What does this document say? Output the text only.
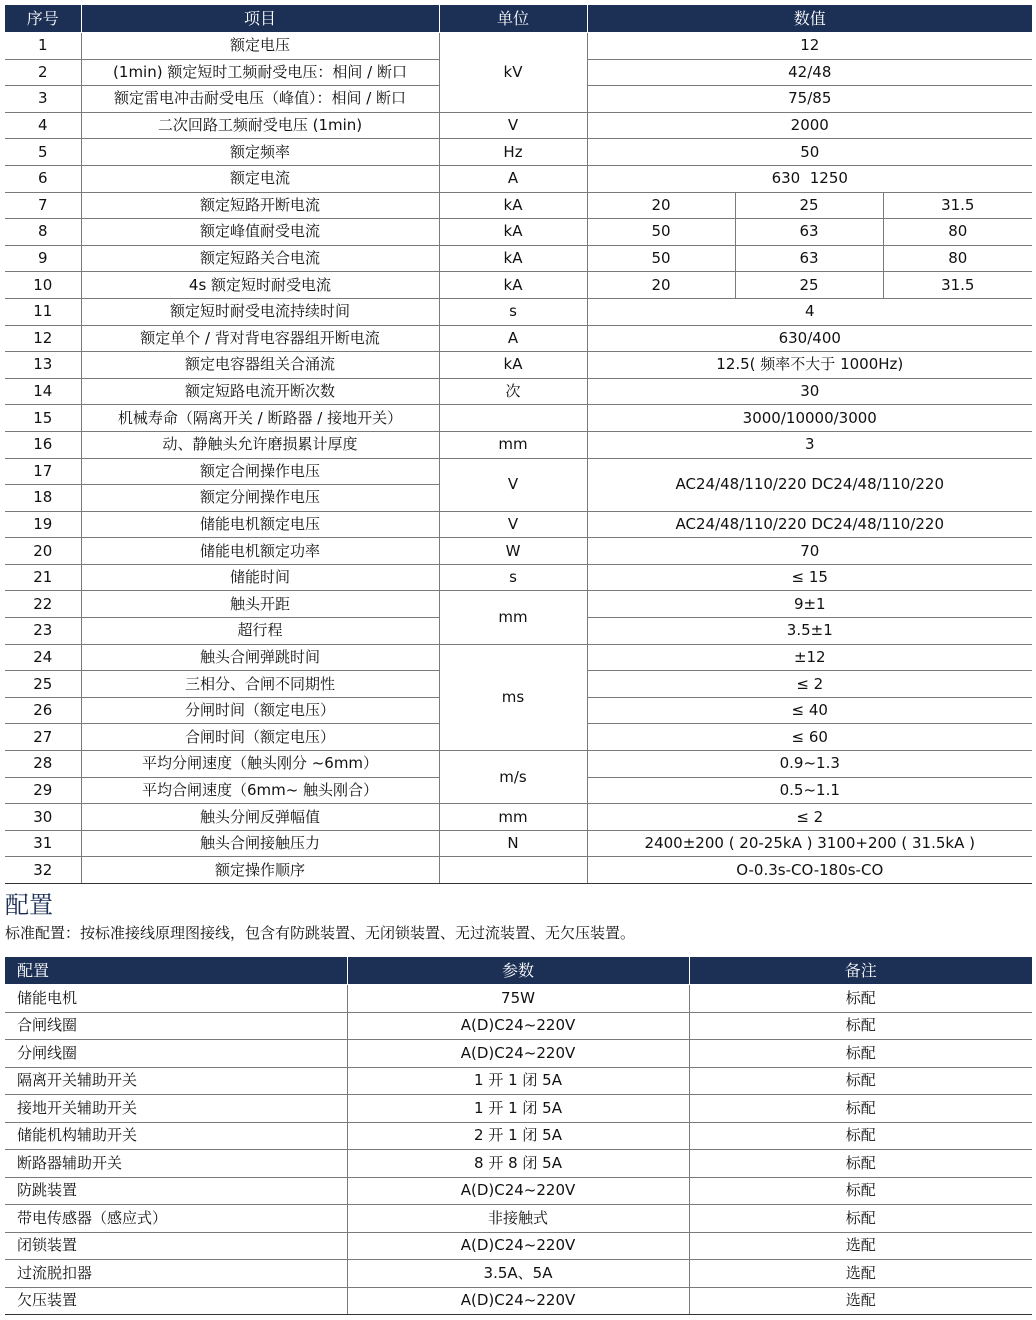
序号	项目	单位	数值		
1	额定电压	kV	12		
2	(1min) 额定短时工频耐受电压：相间 / 断口		42/48		
3	额定雷电冲击耐受电压（峰值）：相间 / 断口		75/85		
4	二次回路工频耐受电压 (1min)	V	2000		
5	额定频率	Hz	50		
6	额定电流	A	630  1250		
7	额定短路开断电流	kA	20	25	31.5
8	额定峰值耐受电流	kA	50	63	80
9	额定短路关合电流	kA	50	63	80
10	4s 额定短时耐受电流	kA	20	25	31.5
11	额定短时耐受电流持续时间	s	4		
12	额定单个 / 背对背电容器组开断电流	A	630/400		
13	额定电容器组关合涌流	kA	12.5( 频率不大于 1000Hz)		
14	额定短路电流开断次数	次	30		
15	机械寿命（隔离开关 / 断路器 / 接地开关）		3000/10000/3000		
16	动、静触头允许磨损累计厚度	mm	3		
17	额定合闸操作电压	V	AC24/48/110/220 DC24/48/110/220		
18	额定分闸操作电压				
19	储能电机额定电压	V	AC24/48/110/220 DC24/48/110/220		
20	储能电机额定功率	W	70		
21	储能时间	s	≤ 15		
22	触头开距	mm	9±1		
23	超行程		3.5±1		
24	触头合闸弹跳时间	ms	±12		
25	三相分、合闸不同期性		≤ 2		
26	分闸时间（额定电压）		≤ 40		
27	合闸时间（额定电压）		≤ 60		
28	平均分闸速度（触头刚分 ~6mm）	m/s	0.9~1.3		
29	平均合闸速度（6mm~ 触头刚合）		0.5~1.1		
30	触头分闸反弹幅值	mm	≤ 2		
31	触头合闸接触压力	N	2400±200 ( 20-25kA ) 3100+200 ( 31.5kA )		
32	额定操作顺序		O-0.3s-CO-180s-CO		
配置

标准配置：按标准接线原理图接线，包含有防跳装置、无闭锁装置、无过流装置、无欠压装置。

配置	参数	备注
储能电机	75W	标配
合闸线圈	A(D)C24~220V	标配
分闸线圈	A(D)C24~220V	标配
隔离开关辅助开关	1 开 1 闭 5A	标配
接地开关辅助开关	1 开 1 闭 5A	标配
储能机构辅助开关	2 开 1 闭 5A	标配
断路器辅助开关	8 开 8 闭 5A	标配
防跳装置	A(D)C24~220V	标配
带电传感器（感应式）	非接触式	标配
闭锁装置	A(D)C24~220V	选配
过流脱扣器	3.5A、5A	选配
欠压装置	A(D)C24~220V	选配
